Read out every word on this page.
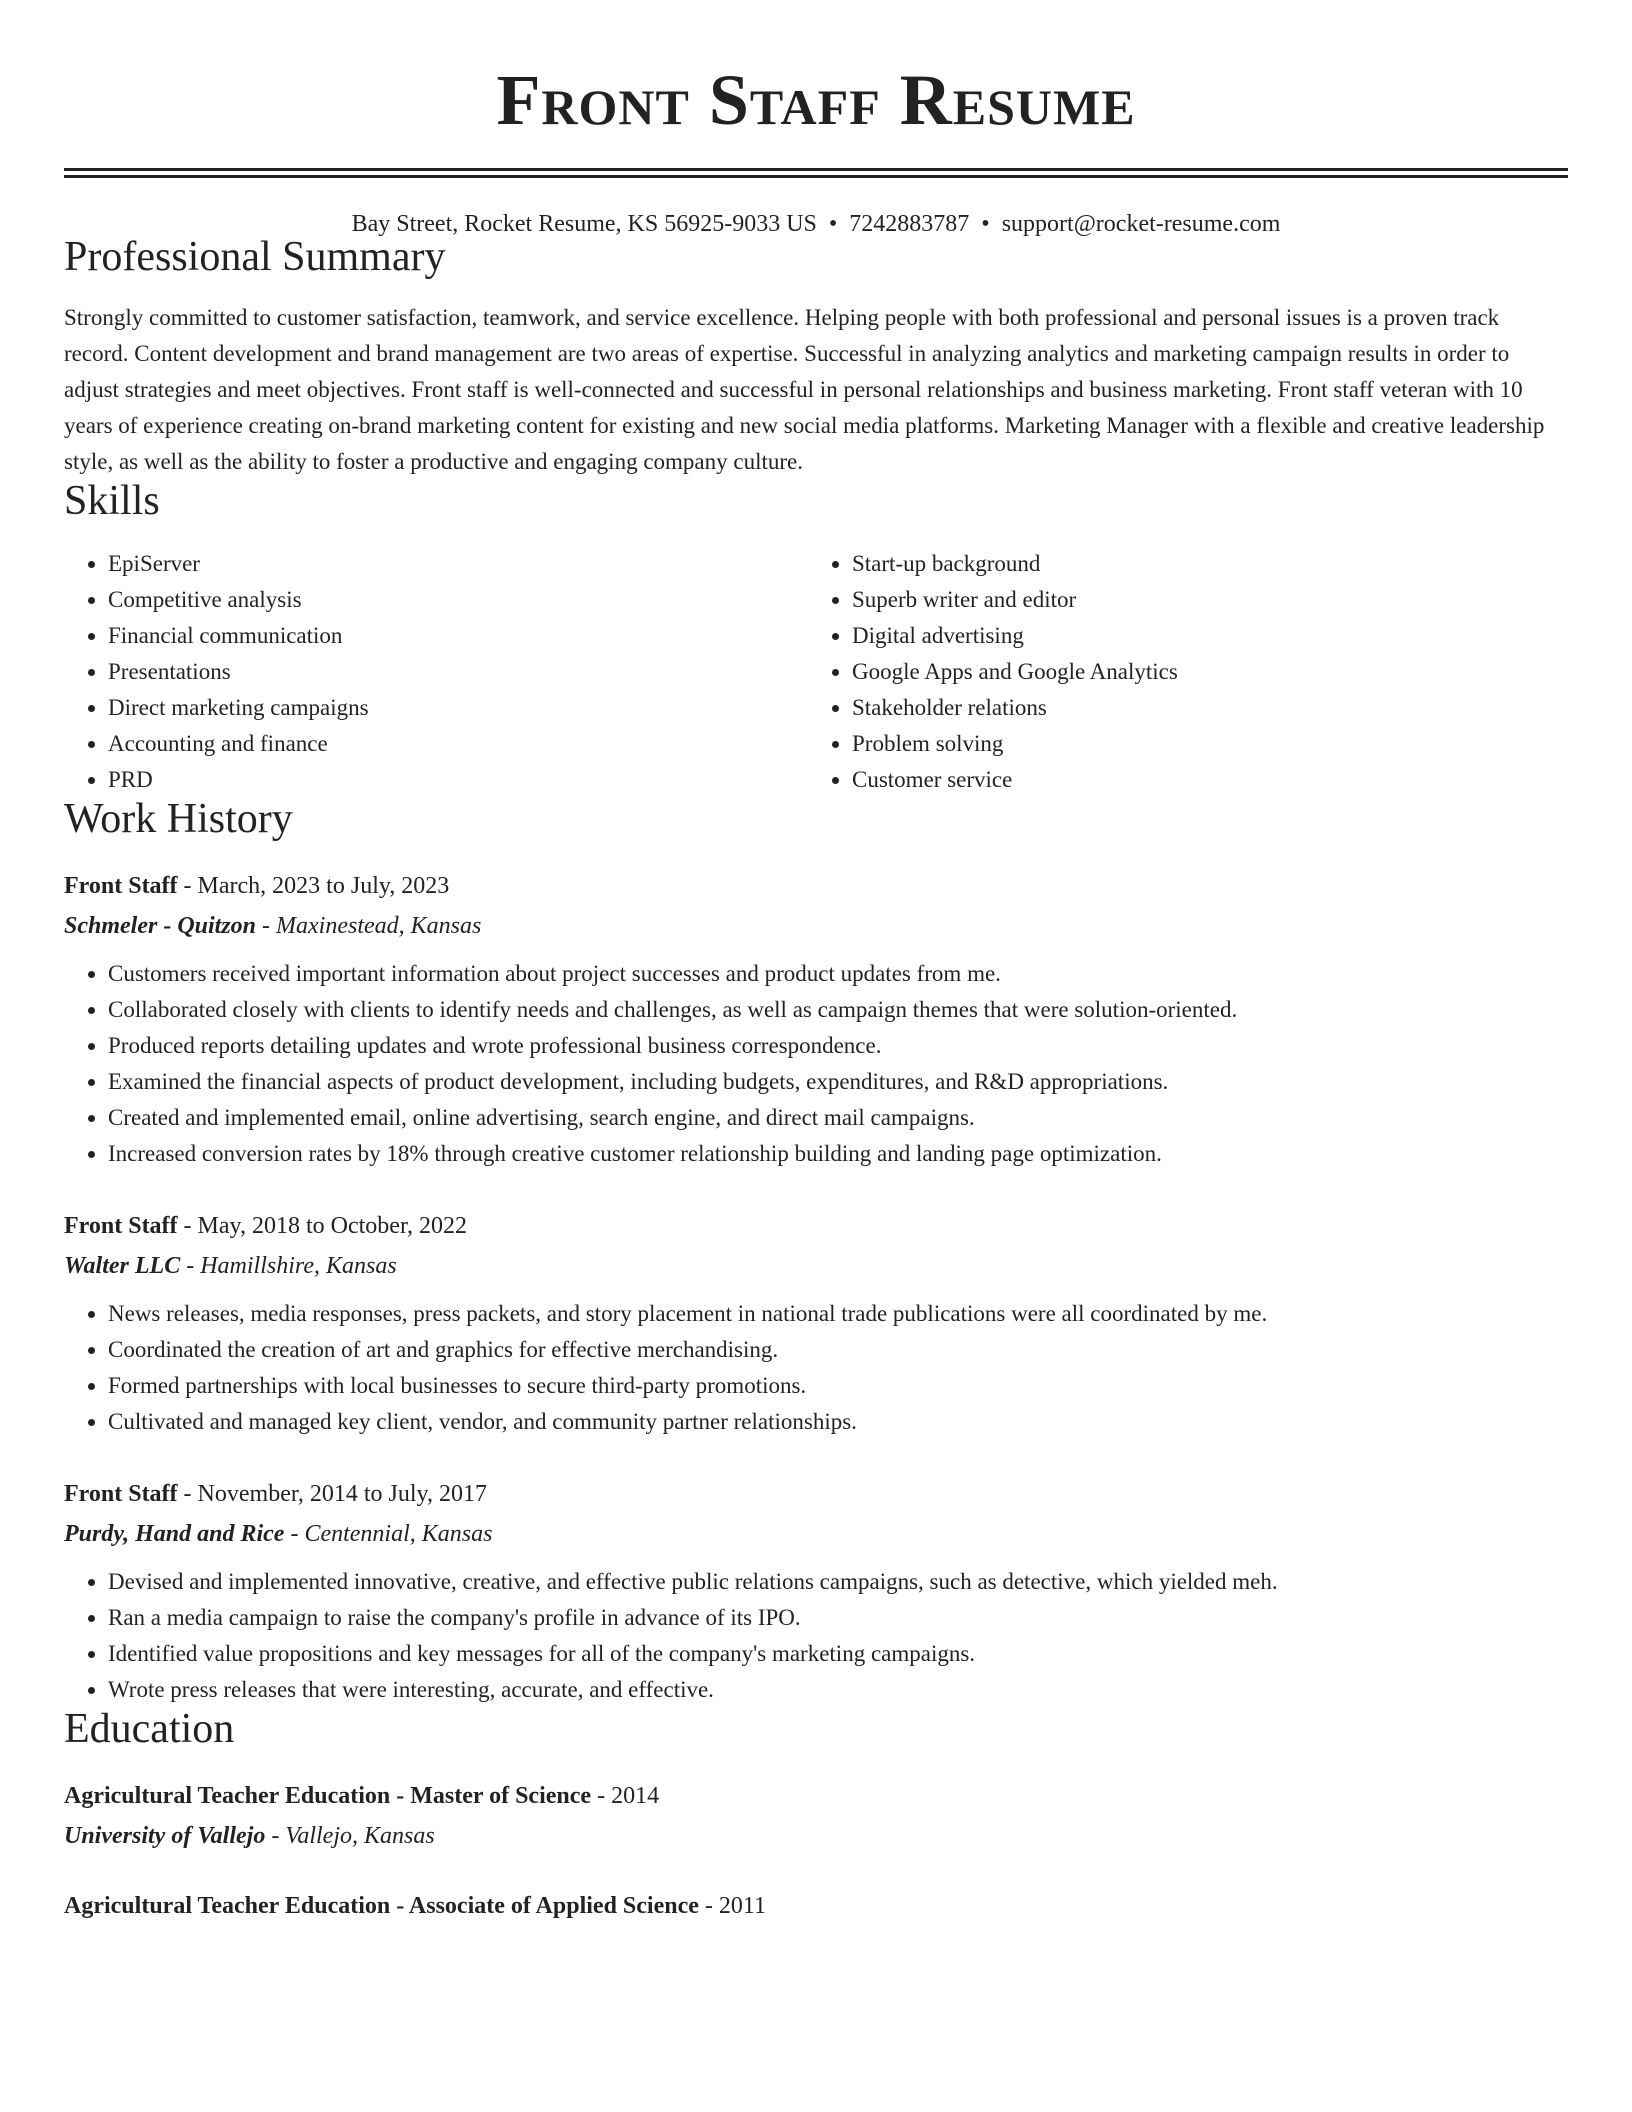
Front Staff Resume
Bay Street, Rocket Resume, KS 56925-9033 US • 7242883787 • support@rocket-resume.com
Professional Summary
Strongly committed to customer satisfaction, teamwork, and service excellence. Helping people with both professional and personal issues is a proven track record. Content development and brand management are two areas of expertise. Successful in analyzing analytics and marketing campaign results in order to adjust strategies and meet objectives. Front staff is well-connected and successful in personal relationships and business marketing. Front staff veteran with 10 years of experience creating on-brand marketing content for existing and new social media platforms. Marketing Manager with a flexible and creative leadership style, as well as the ability to foster a productive and engaging company culture.
Skills
• EpiServer
• Competitive analysis
• Financial communication
• Presentations
• Direct marketing campaigns
• Accounting and finance
• PRD
• Start-up background
• Superb writer and editor
• Digital advertising
• Google Apps and Google Analytics
• Stakeholder relations
• Problem solving
• Customer service
Work History
Front Staff - March, 2023 to July, 2023
Schmeler - Quitzon - Maxinestead, Kansas
• Customers received important information about project successes and product updates from me.
• Collaborated closely with clients to identify needs and challenges, as well as campaign themes that were solution-oriented.
• Produced reports detailing updates and wrote professional business correspondence.
• Examined the financial aspects of product development, including budgets, expenditures, and R&D appropriations.
• Created and implemented email, online advertising, search engine, and direct mail campaigns.
• Increased conversion rates by 18% through creative customer relationship building and landing page optimization.
Front Staff - May, 2018 to October, 2022
Walter LLC - Hamillshire, Kansas
• News releases, media responses, press packets, and story placement in national trade publications were all coordinated by me.
• Coordinated the creation of art and graphics for effective merchandising.
• Formed partnerships with local businesses to secure third-party promotions.
• Cultivated and managed key client, vendor, and community partner relationships.
Front Staff - November, 2014 to July, 2017
Purdy, Hand and Rice - Centennial, Kansas
• Devised and implemented innovative, creative, and effective public relations campaigns, such as detective, which yielded meh.
• Ran a media campaign to raise the company's profile in advance of its IPO.
• Identified value propositions and key messages for all of the company's marketing campaigns.
• Wrote press releases that were interesting, accurate, and effective.
Education
Agricultural Teacher Education - Master of Science - 2014
University of Vallejo - Vallejo, Kansas
Agricultural Teacher Education - Associate of Applied Science - 2011
